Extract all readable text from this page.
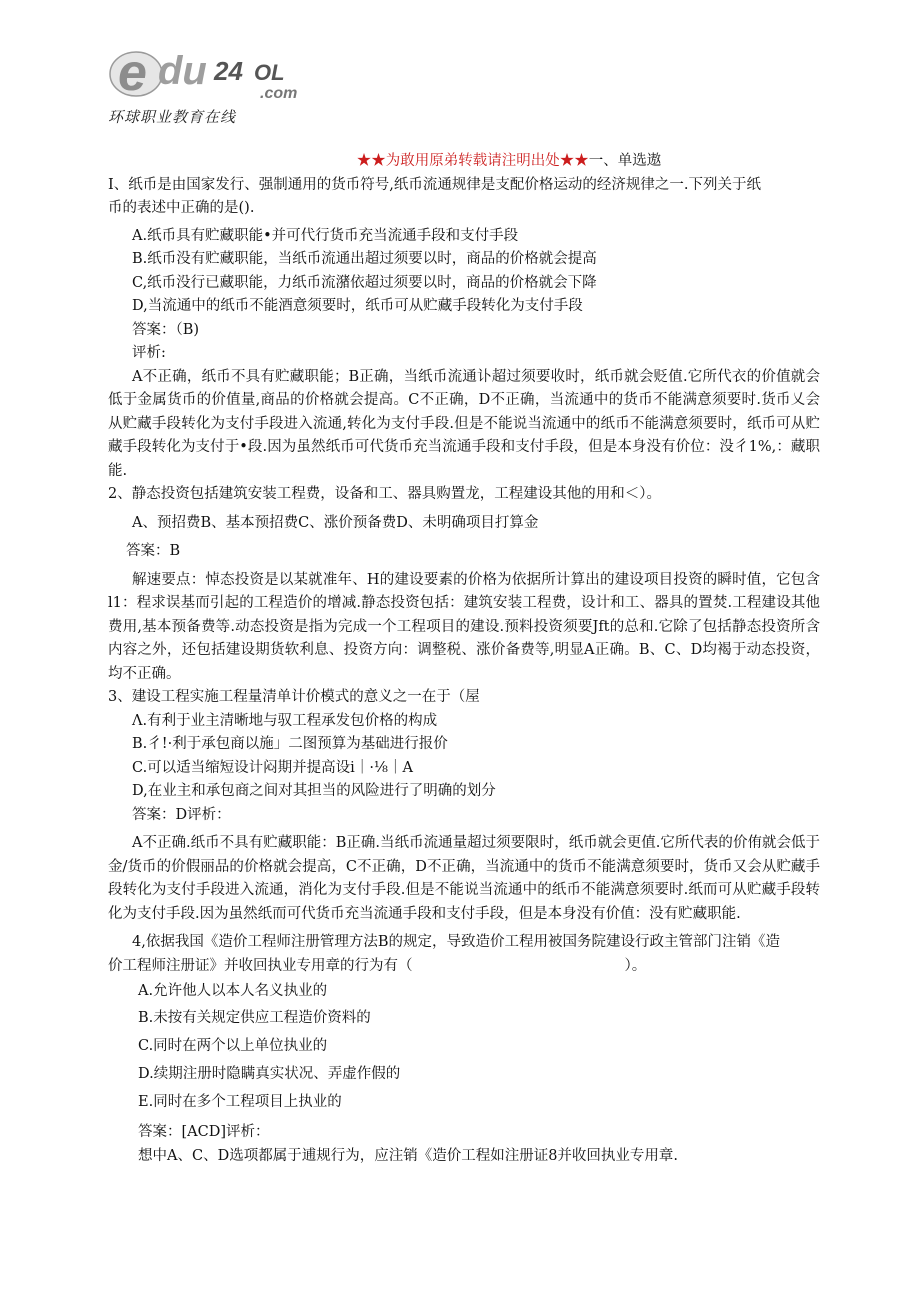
e du 24 OL
.com
环球职业教育在线
★★为敢用原弟转载请注明出处★★一、单选遨
I、纸币是由国家发行、强制通用的货币符号,纸币流通规律是支配价格运动的经济规律之一.下列关于纸
币的表述中正确的是().
A.纸币具有贮藏职能•并可代行货币充当流通手段和支付手段
B.纸币没有贮藏职能，当纸币流通出超过须要以时，商品的价格就会提高
C,纸币没行已藏职能，力纸币流潴依超过须要以时，商品的价格就会下降
D,当流通中的纸币不能酒意须要时，纸币可从贮藏手段转化为支付手段
答案：（B)
评析:
A不正确，纸币不具有贮藏职能；B正确，当纸币流通讣超过须要收时，纸币就会贬值.它所代衣的价值就会低于金属货币的价值量,商品的价格就会提高。C不正确，D不正确，当流通中的货币不能满意须要时.货币乂会从贮藏手段转化为支付手段进入流通,转化为支付手段.但是不能说当流通中的纸币不能满意须要时，纸币可从贮藏手段转化为支付于•段.因为虽然纸币可代货币充当流通手段和支付手段，但是本身没有价位：没彳1%,：藏职能.
2、静态投资包括建筑安装工程费，设备和工、器具购置龙，工程建设其他的用和＜）。
A、预招费B、基本预招费C、涨价预备费D、未明确项目打算金
答案：B
解速要点：悼态投资是以某就准年、H的建设要素的价格为依据所计算出的建设项目投资的瞬时值，它包含l1：程求误基而引起的工程造价的增减.静态投资包括：建筑安装工程费，设计和工、器具的置焚.工程建设其他费用,基本预备费等.动态投资是指为完成一个工程项目的建设.预料投资须要Jft的总和.它除了包括静态投资所含内容之外，还包括建设期货软利息、投资方向：调整税、涨价备费等,明显A正确。B、C、D均褐于动态投资，均不正确。
3、建设工程实施工程量清单计价模式的意义之一在于（屋
Λ.有利于业主清晰地与驭工程承发包价格的构成
B.彳!·利于承包商以施」二图预算为基础进行报价
C.可以适当缩短设计闷期并提高设i｜·⅛｜A
D,在业主和承包商之间对其担当的风险进行了明确的划分
答案：D评析：
A不正确.纸币不具有贮藏职能：B正确.当纸币流通量超过须要限时，纸币就会更值.它所代表的价侑就会低于金/货币的价假丽品的价格就会提高，C不正确，D不正确，当流通中的货币不能满意须要时，货币又会从贮藏手段转化为支付手段进入流通，消化为支付手段.但是不能说当流通中的纸币不能满意须要时.纸而可从贮藏手段转化为支付手段.因为虽然纸而可代货币充当流通手段和支付手段，但是本身没有价值：没有贮藏职能.
4,依据我国《造价工程师注册管理方法B的规定，导致造价工程用被国务院建设行政主管部门注销《造
价工程师注册证》并收回执业专用章的行为有（                                              ）。
A.允许他人以本人名义执业的
B.未按有关规定供应工程造价资料的
C.同时在两个以上单位执业的
D.续期注册时隐瞒真实状况、弄虚作假的
E.同时在多个工程项目上执业的
答案：[ACD]评析：
想中A、C、D选项都属于逋规行为，应注销《造价工程如注册证8并收回执业专用章.
